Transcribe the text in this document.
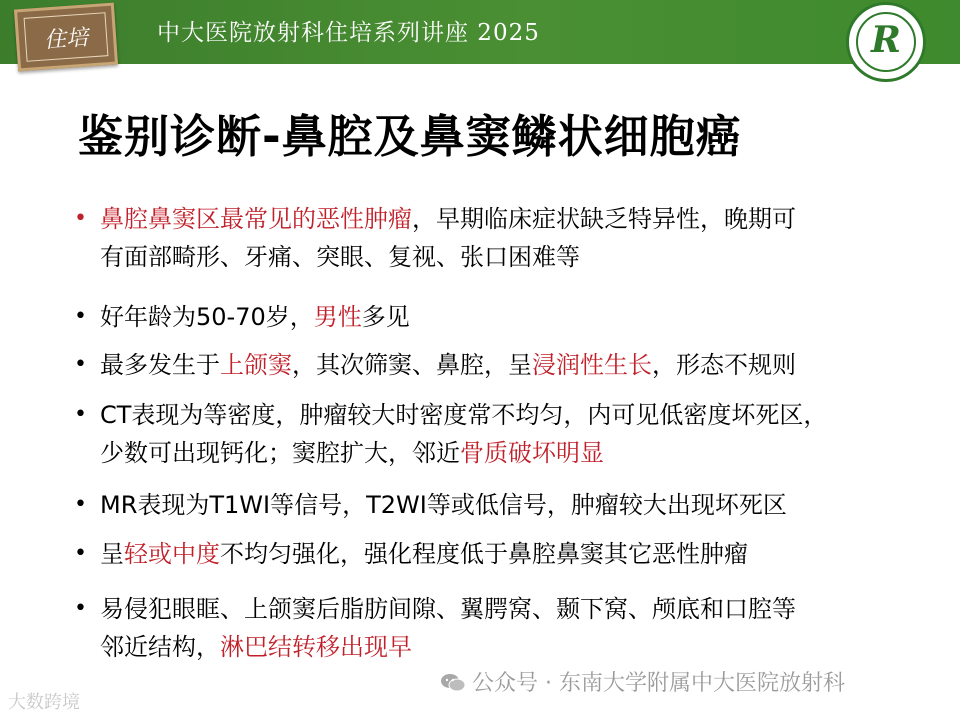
住培	中大医院放射科住培系列讲座 2025	R
鉴别诊断-鼻腔及鼻窦鳞状细胞癌
• 鼻腔鼻窦区最常见的恶性肿瘤，早期临床症状缺乏特异性，晚期可
有面部畸形、牙痛、突眼、复视、张口困难等
• 好年龄为50-70岁，男性多见
• 最多发生于上颌窦，其次筛窦、鼻腔，呈浸润性生长，形态不规则
• CT表现为等密度，肿瘤较大时密度常不均匀，内可见低密度坏死区，
少数可出现钙化；窦腔扩大，邻近骨质破坏明显
• MR表现为T1WI等信号，T2WI等或低信号，肿瘤较大出现坏死区
• 呈轻或中度不均匀强化，强化程度低于鼻腔鼻窦其它恶性肿瘤
• 易侵犯眼眶、上颌窦后脂肪间隙、翼腭窝、颞下窝、颅底和口腔等
邻近结构，淋巴结转移出现早
公众号 · 东南大学附属中大医院放射科
大数跨境
